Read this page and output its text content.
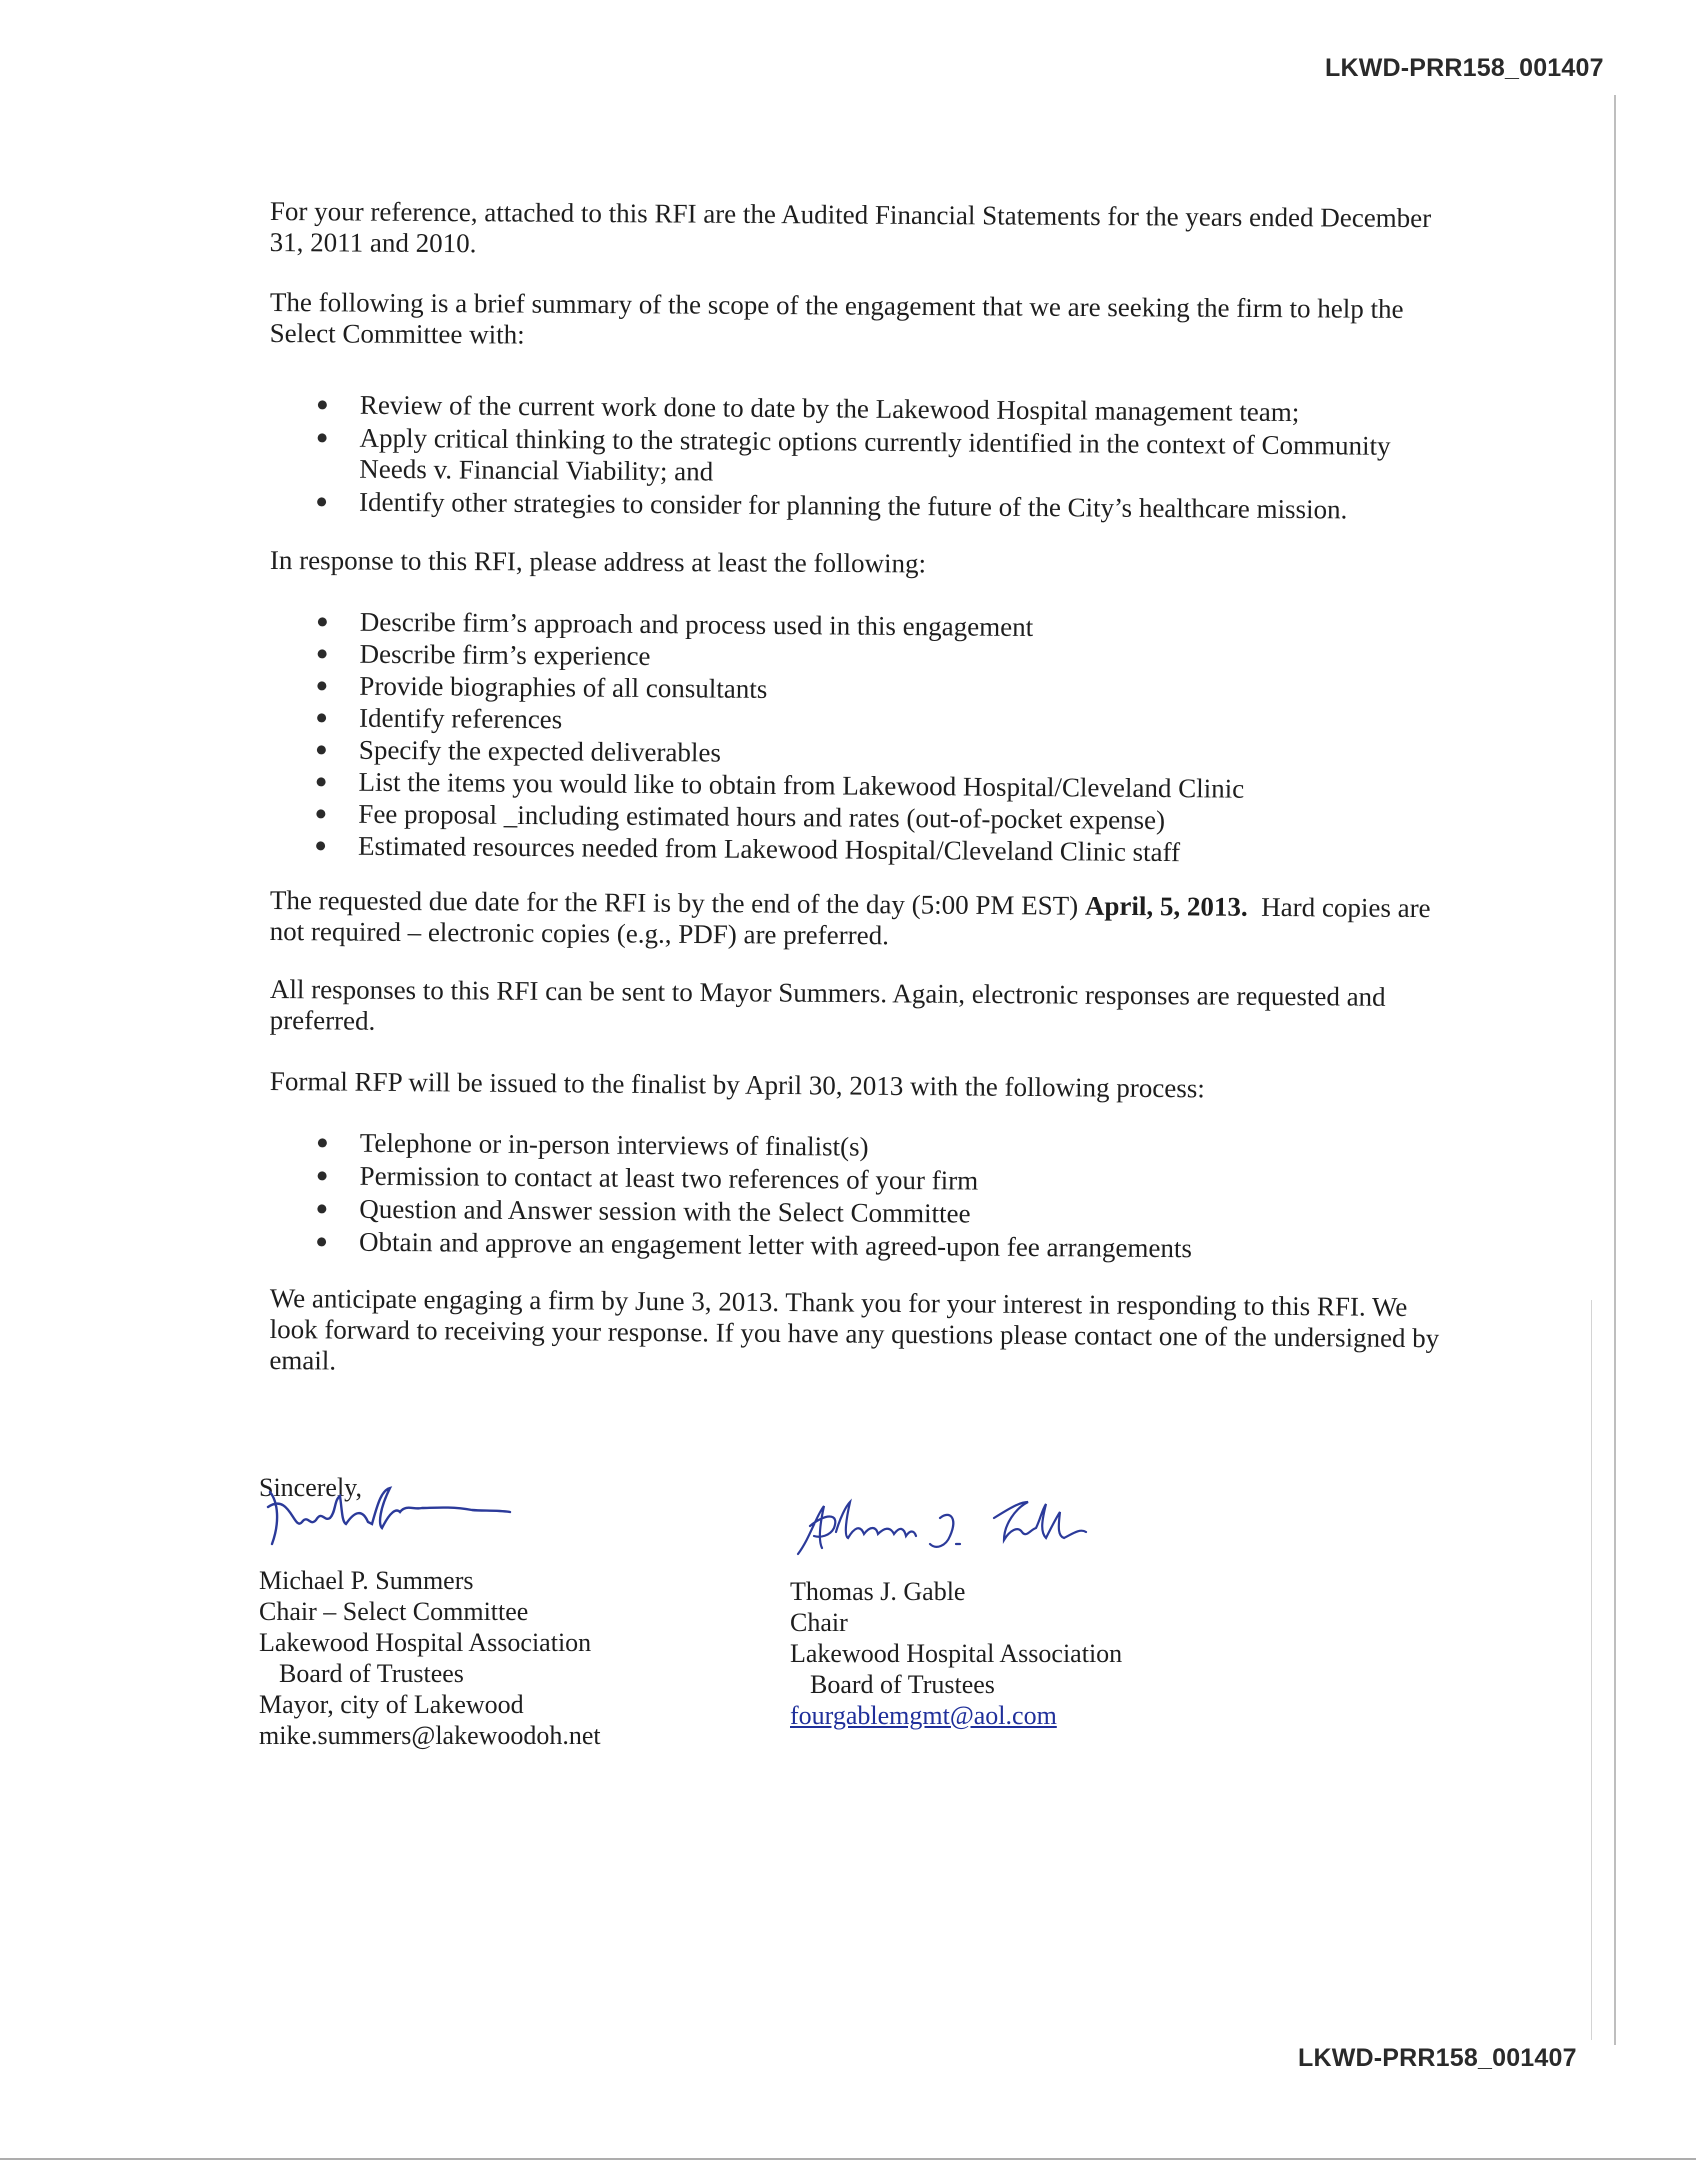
LKWD-PRR158_001407

For your reference, attached to this RFI are the Audited Financial Statements for the years ended December 31, 2011 and 2010.

The following is a brief summary of the scope of the engagement that we are seeking the firm to help the Select Committee with:

Review of the current work done to date by the Lakewood Hospital management team;
Apply critical thinking to the strategic options currently identified in the context of Community Needs v. Financial Viability; and
Identify other strategies to consider for planning the future of the City’s healthcare mission.

In response to this RFI, please address at least the following:

Describe firm’s approach and process used in this engagement
Describe firm’s experience
Provide biographies of all consultants
Identify references
Specify the expected deliverables
List the items you would like to obtain from Lakewood Hospital/Cleveland Clinic
Fee proposal _including estimated hours and rates (out-of-pocket expense)
Estimated resources needed from Lakewood Hospital/Cleveland Clinic staff

The requested due date for the RFI is by the end of the day (5:00 PM EST) April, 5, 2013. Hard copies are not required – electronic copies (e.g., PDF) are preferred.

All responses to this RFI can be sent to Mayor Summers. Again, electronic responses are requested and preferred.

Formal RFP will be issued to the finalist by April 30, 2013 with the following process:

Telephone or in-person interviews of finalist(s)
Permission to contact at least two references of your firm
Question and Answer session with the Select Committee
Obtain and approve an engagement letter with agreed-upon fee arrangements

We anticipate engaging a firm by June 3, 2013. Thank you for your interest in responding to this RFI. We look forward to receiving your response. If you have any questions please contact one of the undersigned by email.

Sincerely,
Michael P. Summers
Chair – Select Committee
Lakewood Hospital Association
Board of Trustees
Mayor, city of Lakewood
mike.summers@lakewoodoh.net
Thomas J. Gable
Chair
Lakewood Hospital Association
Board of Trustees
fourgablemgmt@aol.com
LKWD-PRR158_001407
